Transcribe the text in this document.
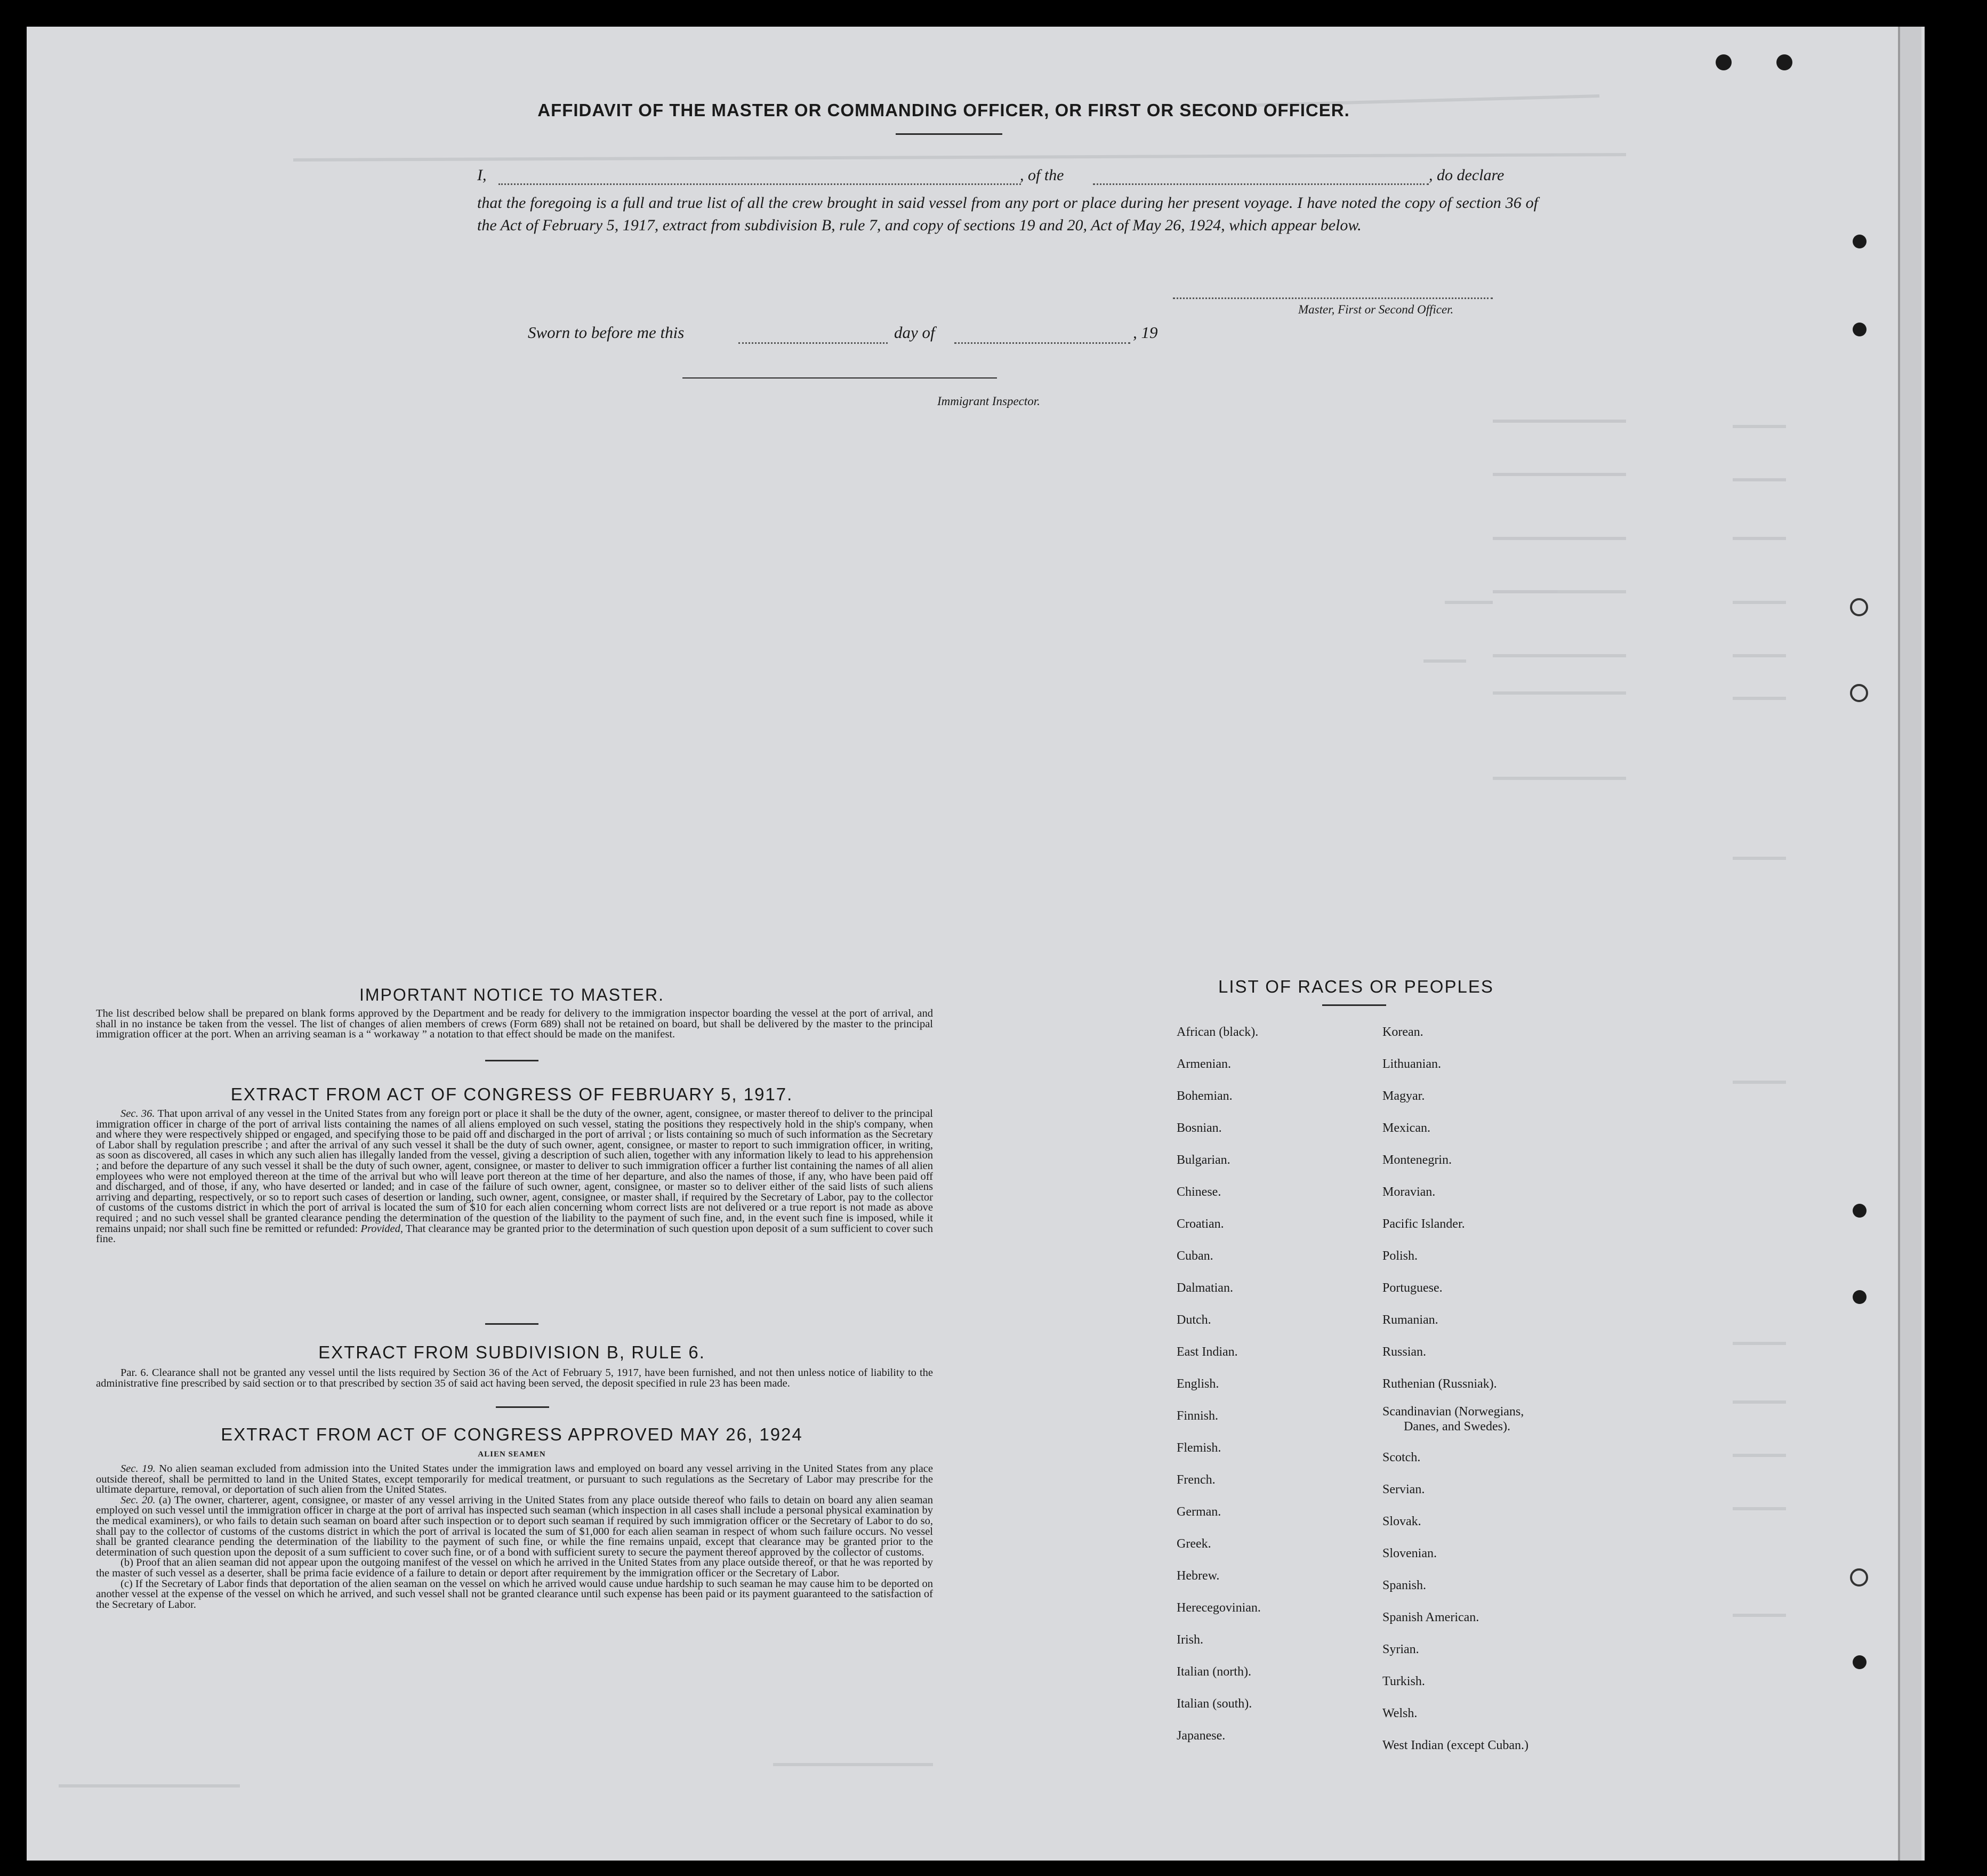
AFFIDAVIT OF THE MASTER OR COMMANDING OFFICER, OR FIRST OR SECOND OFFICER.
I,	, of the	, do declare
that the foregoing is a full and true list of all the crew brought in said vessel from any port or place during her present voyage. I have noted the copy of section 36 of the Act of February 5, 1917, extract from subdivision B, rule 7, and copy of sections 19 and 20, Act of May 26, 1924, which appear below.
Master, First or Second Officer.
Sworn to before me this	day of	, 19
Immigrant Inspector.
IMPORTANT NOTICE TO MASTER.
The list described below shall be prepared on blank forms approved by the Department and be ready for delivery to the immigration inspector boarding the vessel at the port of arrival, and shall in no instance be taken from the vessel. The list of changes of alien members of crews (Form 689) shall not be retained on board, but shall be delivered by the master to the principal immigration officer at the port. When an arriving seaman is a “ workaway ” a notation to that effect should be made on the manifest.
EXTRACT FROM ACT OF CONGRESS OF FEBRUARY 5, 1917.
Sec. 36. That upon arrival of any vessel in the United States from any foreign port or place it shall be the duty of the owner, agent, consignee, or master thereof to deliver to the principal immigration officer in charge of the port of arrival lists containing the names of all aliens employed on such vessel, stating the positions they respectively hold in the ship's company, when and where they were respectively shipped or engaged, and specifying those to be paid off and discharged in the port of arrival ; or lists containing so much of such information as the Secretary of Labor shall by regulation prescribe ; and after the arrival of any such vessel it shall be the duty of such owner, agent, consignee, or master to report to such immigration officer, in writing, as soon as discovered, all cases in which any such alien has illegally landed from the vessel, giving a description of such alien, together with any information likely to lead to his apprehension ; and before the departure of any such vessel it shall be the duty of such owner, agent, consignee, or master to deliver to such immigration officer a further list containing the names of all alien employees who were not employed thereon at the time of the arrival but who will leave port thereon at the time of her departure, and also the names of those, if any, who have been paid off and discharged, and of those, if any, who have deserted or landed; and in case of the failure of such owner, agent, consignee, or master so to deliver either of the said lists of such aliens arriving and departing, respectively, or so to report such cases of desertion or landing, such owner, agent, consignee, or master shall, if required by the Secretary of Labor, pay to the collector of customs of the customs district in which the port of arrival is located the sum of $10 for each alien concerning whom correct lists are not delivered or a true report is not made as above required ; and no such vessel shall be granted clearance pending the determination of the question of the liability to the payment of such fine, and, in the event such fine is imposed, while it remains unpaid; nor shall such fine be remitted or refunded: Provided, That clearance may be granted prior to the determination of such question upon deposit of a sum sufficient to cover such fine.
EXTRACT FROM SUBDIVISION B, RULE 6.
Par. 6. Clearance shall not be granted any vessel until the lists required by Section 36 of the Act of February 5, 1917, have been furnished, and not then unless notice of liability to the administrative fine prescribed by said section or to that prescribed by section 35 of said act having been served, the deposit specified in rule 23 has been made.
EXTRACT FROM ACT OF CONGRESS APPROVED MAY 26, 1924
ALIEN SEAMEN
Sec. 19. No alien seaman excluded from admission into the United States under the immigration laws and employed on board any vessel arriving in the United States from any place outside thereof, shall be permitted to land in the United States, except temporarily for medical treatment, or pursuant to such regulations as the Secretary of Labor may prescribe for the ultimate departure, removal, or deportation of such alien from the United States.
Sec. 20. (a) The owner, charterer, agent, consignee, or master of any vessel arriving in the United States from any place outside thereof who fails to detain on board any alien seaman employed on such vessel until the immigration officer in charge at the port of arrival has inspected such seaman (which inspection in all cases shall include a personal physical examination by the medical examiners), or who fails to detain such seaman on board after such inspection or to deport such seaman if required by such immigration officer or the Secretary of Labor to do so, shall pay to the collector of customs of the customs district in which the port of arrival is located the sum of $1,000 for each alien seaman in respect of whom such failure occurs. No vessel shall be granted clearance pending the determination of the liability to the payment of such fine, or while the fine remains unpaid, except that clearance may be granted prior to the determination of such question upon the deposit of a sum sufficient to cover such fine, or of a bond with sufficient surety to secure the payment thereof approved by the collector of customs.
(b) Proof that an alien seaman did not appear upon the outgoing manifest of the vessel on which he arrived in the United States from any place outside thereof, or that he was reported by the master of such vessel as a deserter, shall be prima facie evidence of a failure to detain or deport after requirement by the immigration officer or the Secretary of Labor.
(c) If the Secretary of Labor finds that deportation of the alien seaman on the vessel on which he arrived would cause undue hardship to such seaman he may cause him to be deported on another vessel at the expense of the vessel on which he arrived, and such vessel shall not be granted clearance until such expense has been paid or its payment guaranteed to the satisfaction of the Secretary of Labor.
LIST OF RACES OR PEOPLES
African (black).
Armenian.
Bohemian.
Bosnian.
Bulgarian.
Chinese.
Croatian.
Cuban.
Dalmatian.
Dutch.
East Indian.
English.
Finnish.
Flemish.
French.
German.
Greek.
Hebrew.
Herecegovinian.
Irish.
Italian (north).
Italian (south).
Japanese.
Korean.
Lithuanian.
Magyar.
Mexican.
Montenegrin.
Moravian.
Pacific Islander.
Polish.
Portuguese.
Rumanian.
Russian.
Ruthenian (Russniak).
Scandinavian (Norwegians,
Danes, and Swedes).
Scotch.
Servian.
Slovak.
Slovenian.
Spanish.
Spanish American.
Syrian.
Turkish.
Welsh.
West Indian (except Cuban.)
